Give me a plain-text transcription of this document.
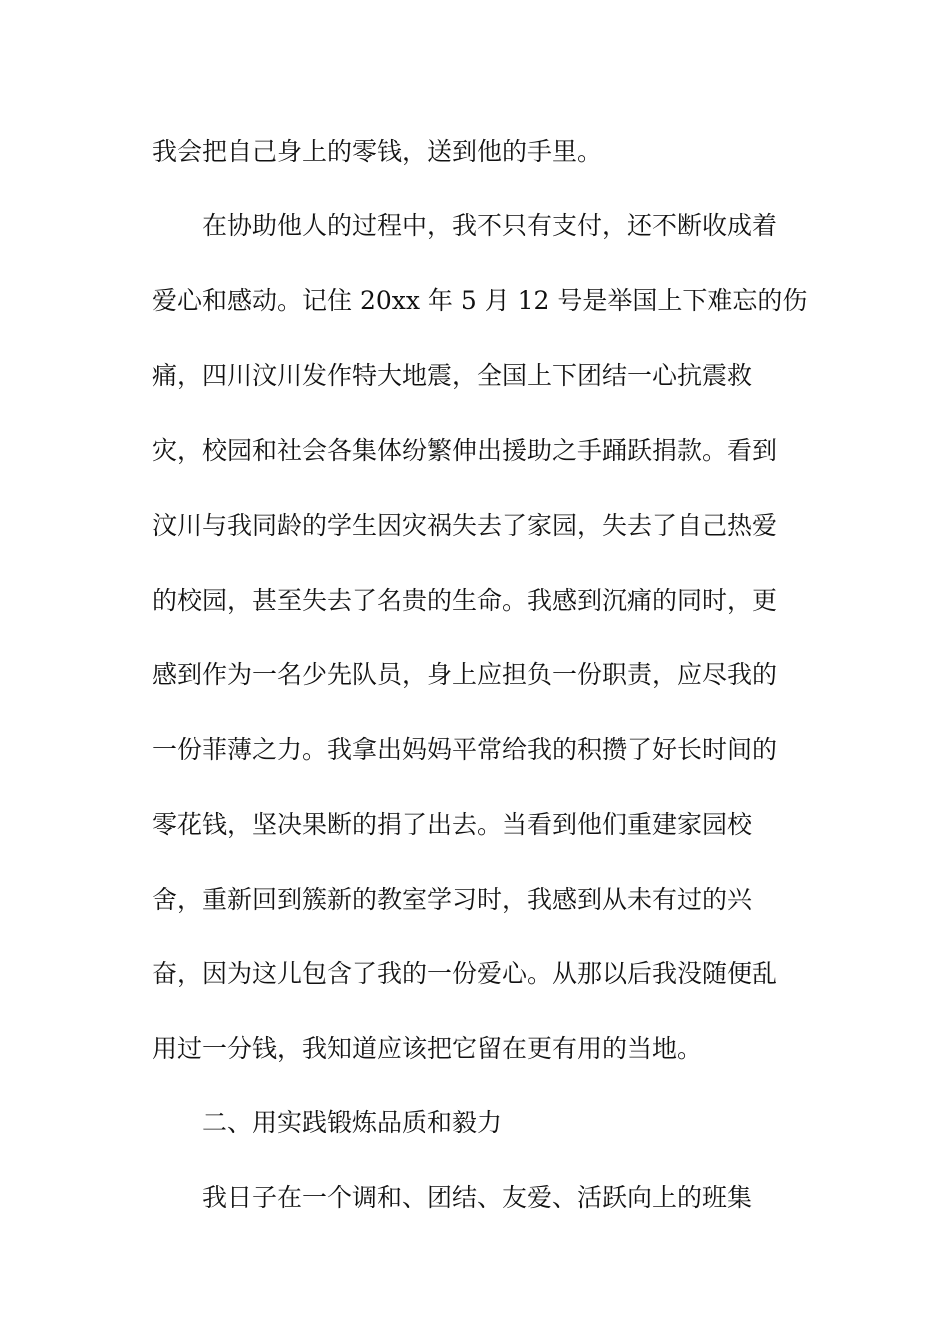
我会把自己身上的零钱，送到他的手里。

在协助他人的过程中，我不只有支付，还不断收成着

爱心和感动。记住 20xx 年 5 月 12 号是举国上下难忘的伤

痛，四川汶川发作特大地震，全国上下团结一心抗震救

灾，校园和社会各集体纷繁伸出援助之手踊跃捐款。看到

汶川与我同龄的学生因灾祸失去了家园，失去了自己热爱

的校园，甚至失去了名贵的生命。我感到沉痛的同时，更

感到作为一名少先队员，身上应担负一份职责，应尽我的

一份菲薄之力。我拿出妈妈平常给我的积攒了好长时间的

零花钱，坚决果断的捐了出去。当看到他们重建家园校

舍，重新回到簇新的教室学习时，我感到从未有过的兴

奋，因为这儿包含了我的一份爱心。从那以后我没随便乱

用过一分钱，我知道应该把它留在更有用的当地。

二、用实践锻炼品质和毅力

我日子在一个调和、团结、友爱、活跃向上的班集
